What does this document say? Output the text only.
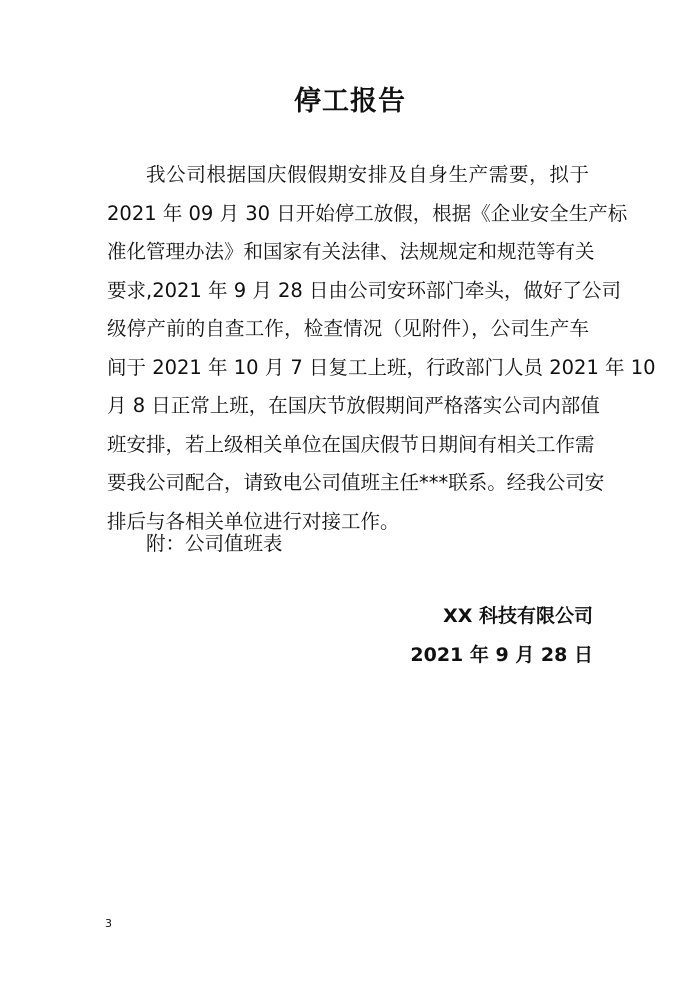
停工报告
我公司根据国庆假假期安排及自身生产需要，拟于
2021 年 09 月 30 日开始停工放假，根据《企业安全生产标
准化管理办法》和国家有关法律、法规规定和规范等有关
要求,2021 年 9 月 28 日由公司安环部门牵头，做好了公司
级停产前的自查工作，检查情况（见附件），公司生产车
间于 2021 年 10 月 7 日复工上班，行政部门人员 2021 年 10
月 8 日正常上班，在国庆节放假期间严格落实公司内部值
班安排，若上级相关单位在国庆假节日期间有相关工作需
要我公司配合，请致电公司值班主任***联系。经我公司安
排后与各相关单位进行对接工作。
附：公司值班表
XX 科技有限公司
2021 年 9 月 28 日
3
